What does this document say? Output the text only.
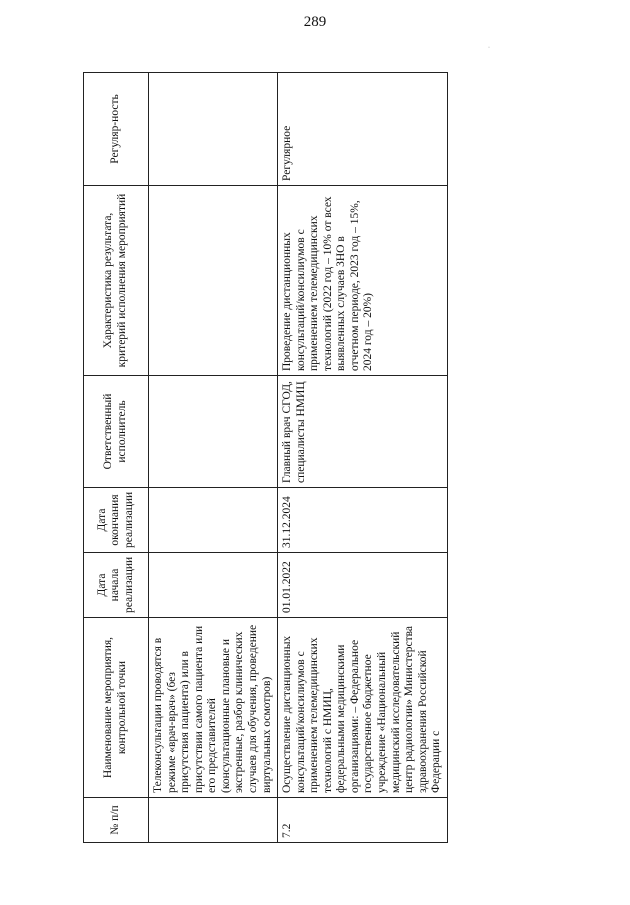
289
·
№ п/п	Наименование мероприятия, контрольной точки	Дата начала реализации	Дата окончания реализации	Ответственный исполнитель	Характеристика результата, критерий исполнения мероприятий	Регуляр-ность
	Телеконсультации проводятся в режиме «врач-врач» (без присутствия пациента) или в присутствии самого пациента или его представителей (консультационные плановые и экстренные, разбор клинических случаев для обучения, проведение виртуальных осмотров)					
7.2	Осуществление дистанционных консультаций/консилиумов с применением телемедицинских технологий с НМИЦ, федеральными медицинскими организациями: – Федеральное государственное бюджетное учреждение «Национальный медицинский исследовательский центр радиологии» Министерства здравоохранения Российской Федерации с	01.01.2022	31.12.2024	Главный врач СГОД, специалисты НМИЦ	Проведение дистанционных консультаций/консилиумов с применением телемедицинских технологий (2022 год – 10% от всех выявленных случаев ЗНО в отчетном периоде, 2023 год – 15%, 2024 год – 20%)	Регулярное
